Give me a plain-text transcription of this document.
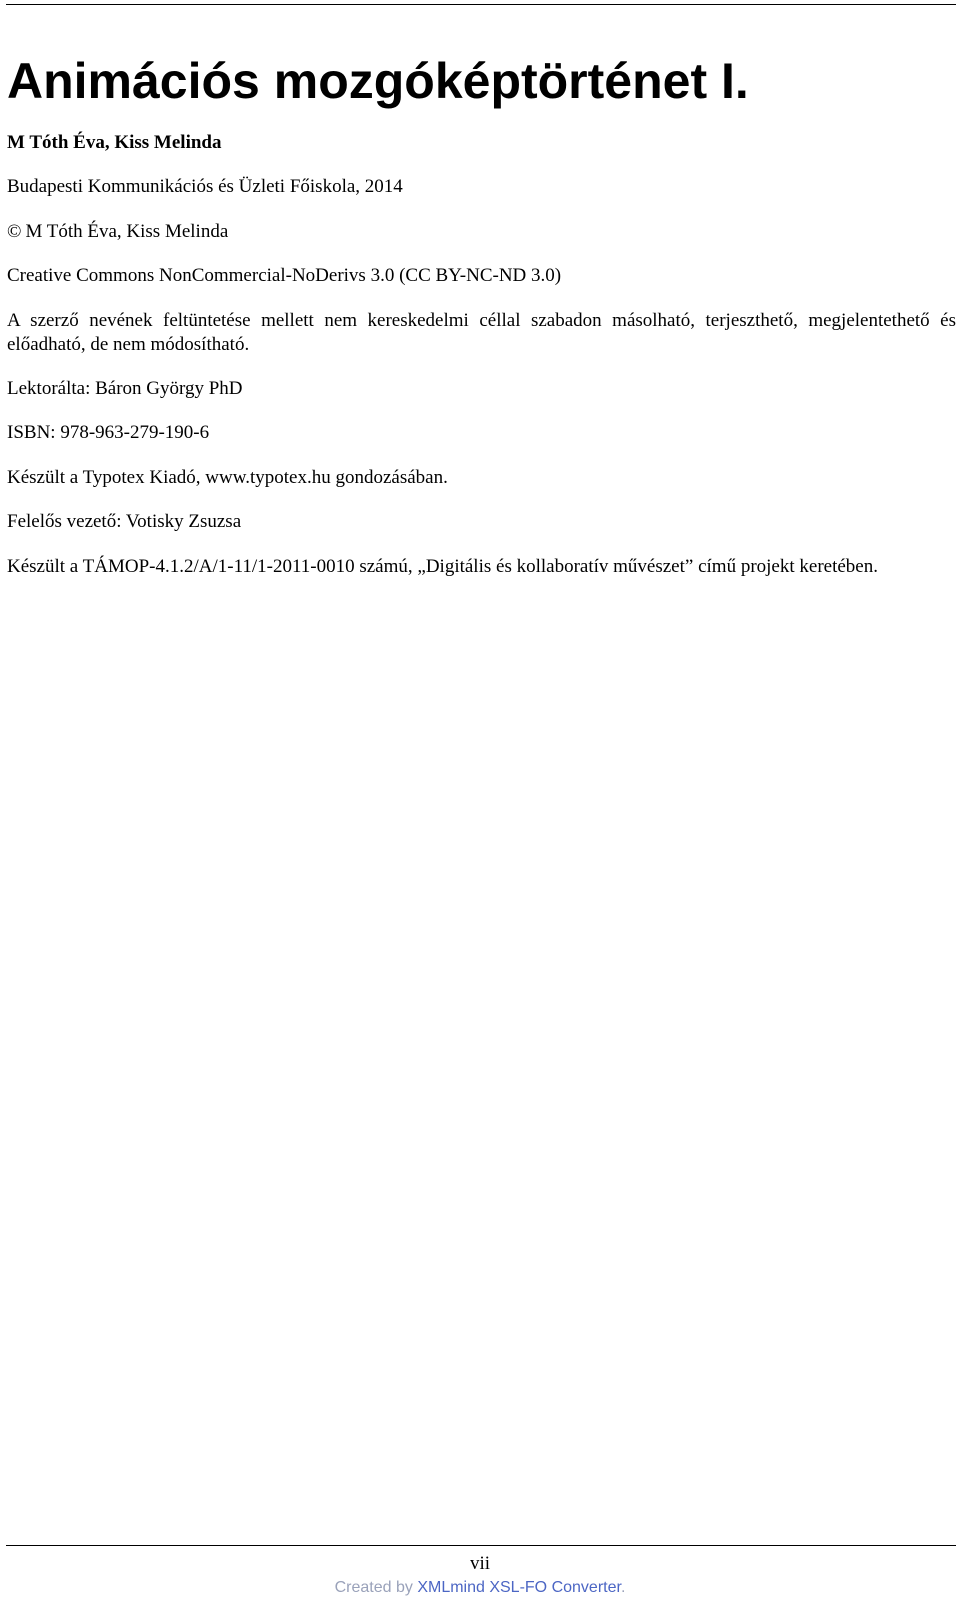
Animációs mozgóképtörténet I.

M Tóth Éva, Kiss Melinda

Budapesti Kommunikációs és Üzleti Főiskola, 2014

© M Tóth Éva, Kiss Melinda

Creative Commons NonCommercial-NoDerivs 3.0 (CC BY-NC-ND 3.0)

A szerző nevének feltüntetése mellett nem kereskedelmi céllal szabadon másolható, terjeszthető, megjelentethető és előadható, de nem módosítható.

Lektorálta: Báron György PhD

ISBN: 978-963-279-190-6

Készült a Typotex Kiadó, www.typotex.hu gondozásában.

Felelős vezető: Votisky Zsuzsa

Készült a TÁMOP-4.1.2/A/1-11/1-2011-0010 számú, „Digitális és kollaboratív művészet” című projekt keretében.

vii
Created by XMLmind XSL-FO Converter.
